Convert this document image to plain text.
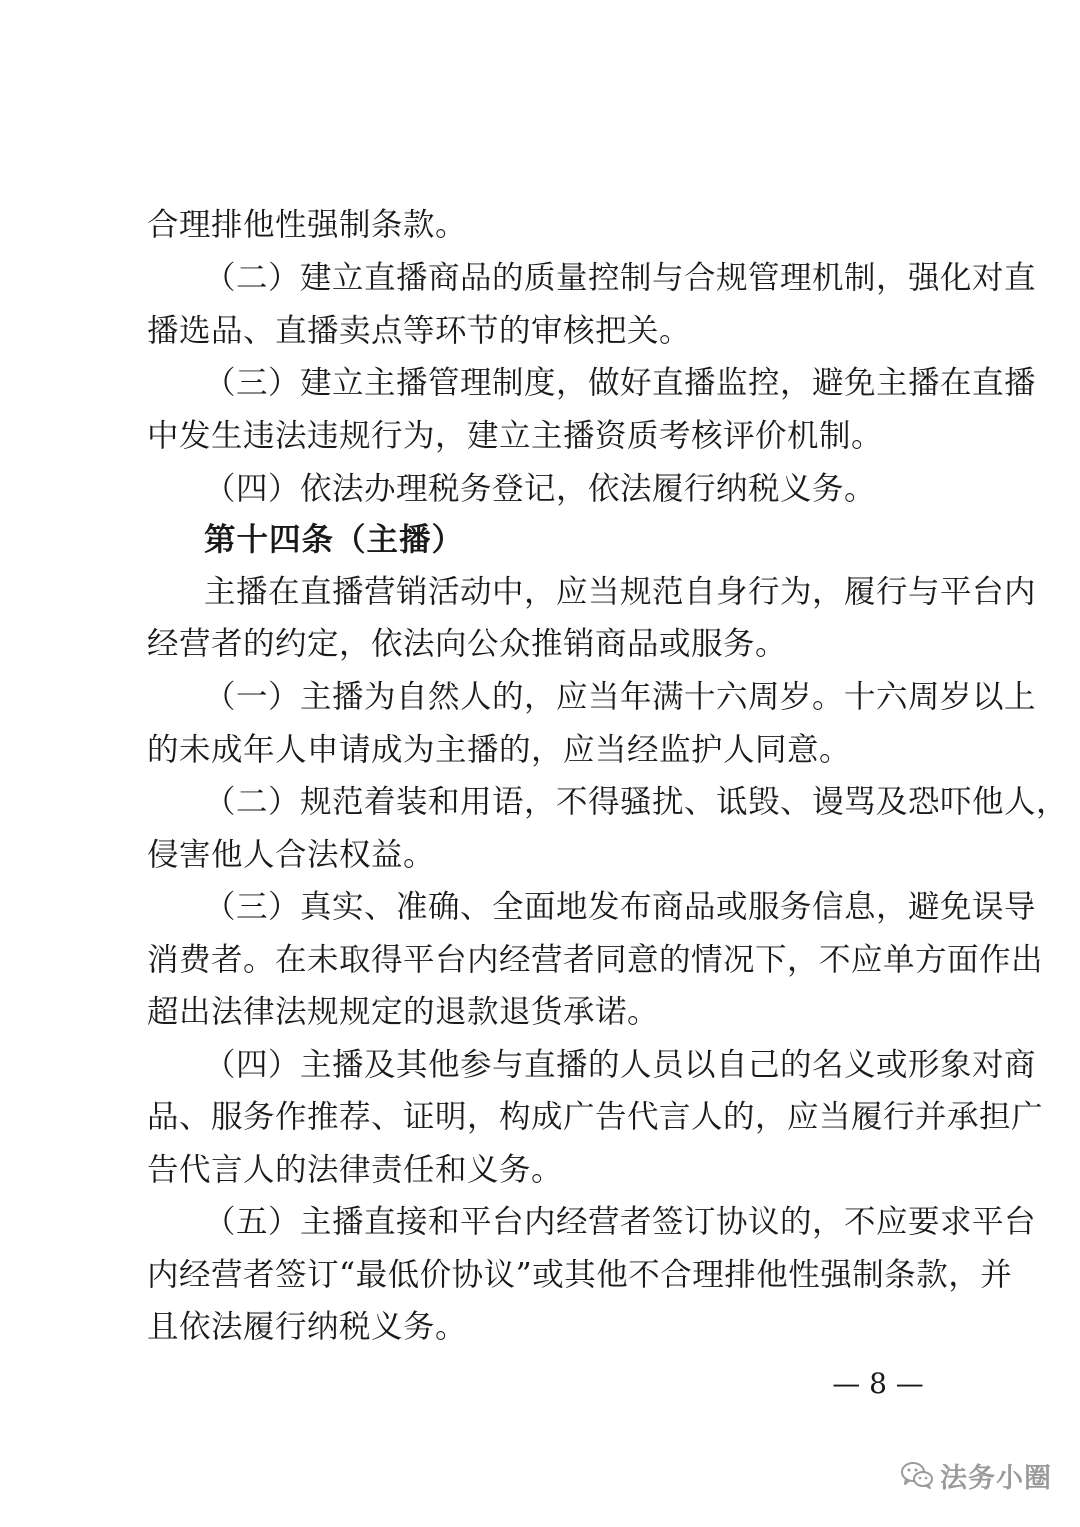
合理排他性强制条款。
（二）建立直播商品的质量控制与合规管理机制，强化对直
播选品、直播卖点等环节的审核把关。
（三）建立主播管理制度，做好直播监控，避免主播在直播
中发生违法违规行为，建立主播资质考核评价机制。
（四）依法办理税务登记，依法履行纳税义务。
第十四条（主播）
主播在直播营销活动中，应当规范自身行为，履行与平台内
经营者的约定，依法向公众推销商品或服务。
（一）主播为自然人的，应当年满十六周岁。十六周岁以上
的未成年人申请成为主播的，应当经监护人同意。
（二）规范着装和用语，不得骚扰、诋毁、谩骂及恐吓他人，
侵害他人合法权益。
（三）真实、准确、全面地发布商品或服务信息，避免误导
消费者。在未取得平台内经营者同意的情况下，不应单方面作出
超出法律法规规定的退款退货承诺。
（四）主播及其他参与直播的人员以自己的名义或形象对商
品、服务作推荐、证明，构成广告代言人的，应当履行并承担广
告代言人的法律责任和义务。
（五）主播直接和平台内经营者签订协议的，不应要求平台
内经营者签订“最低价协议”或其他不合理排他性强制条款，并
且依法履行纳税义务。
— 8 —
法务小圈
